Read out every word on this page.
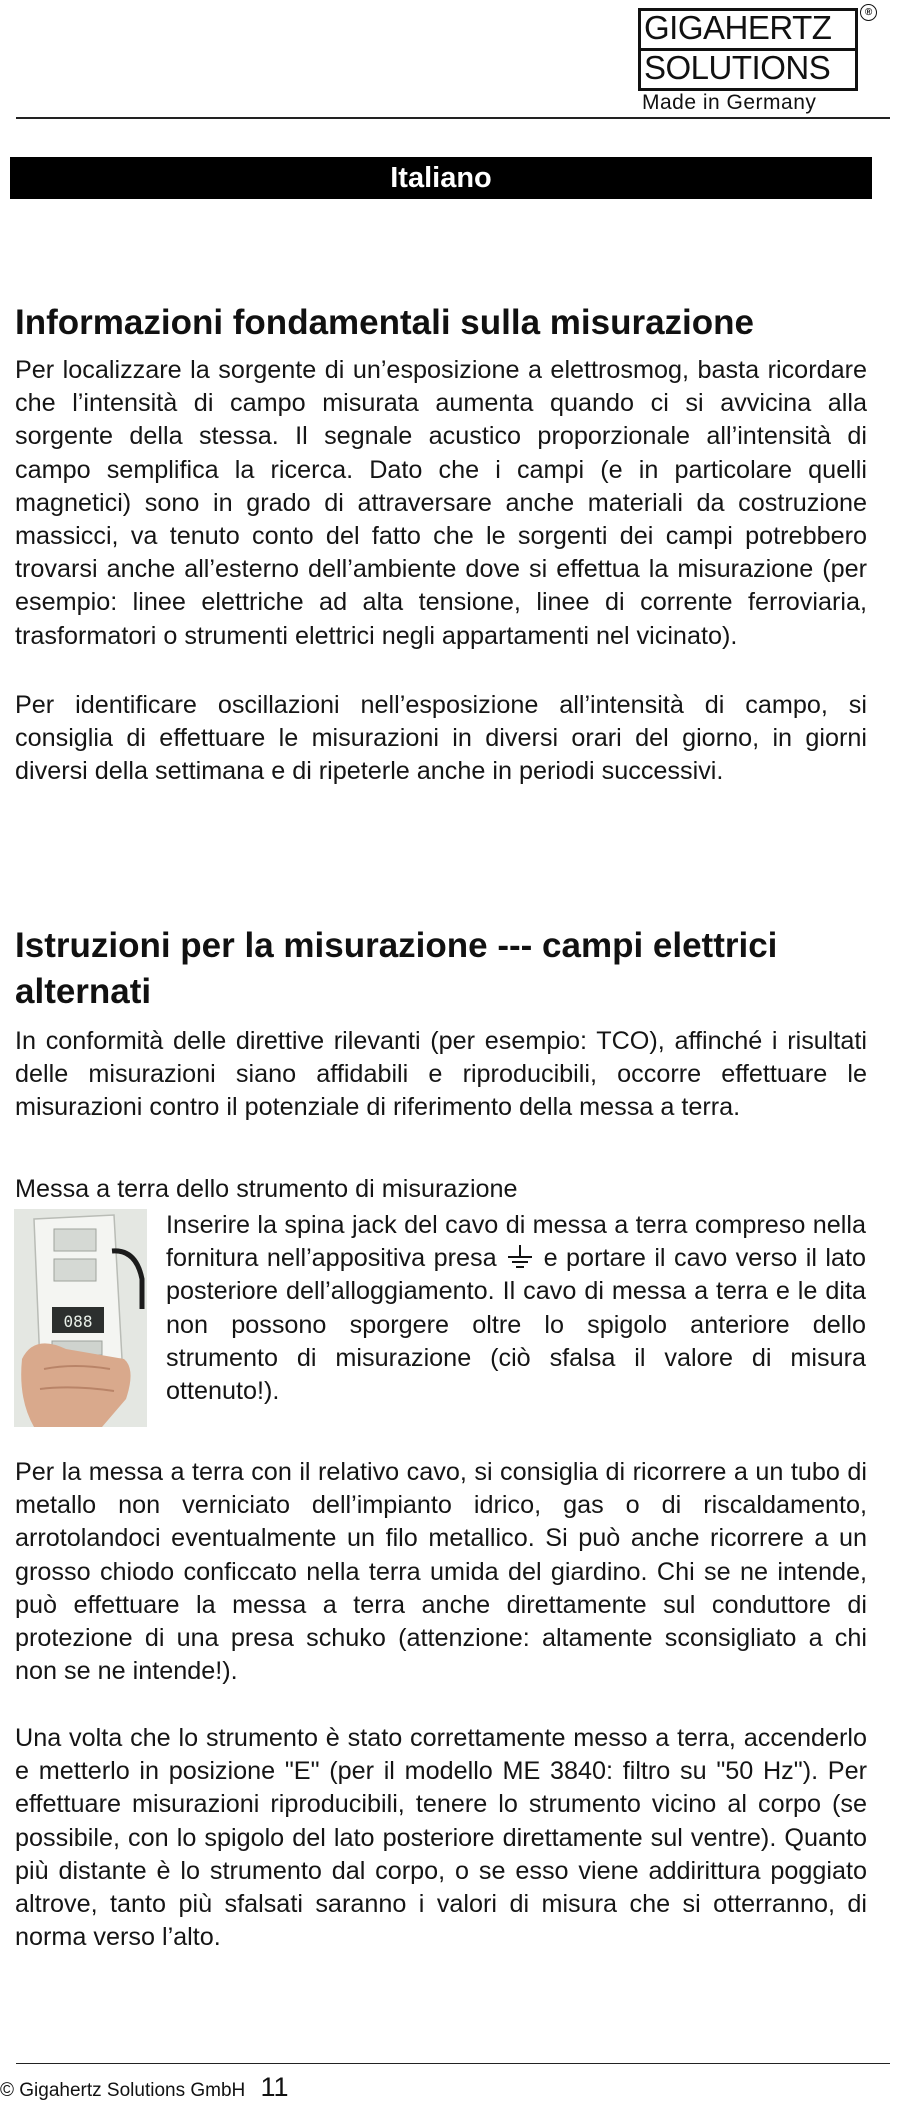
GIGAHERTZ
SOLUTIONS
®
Made in Germany
Italiano
Informazioni fondamentali sulla misurazione

Per localizzare la sorgente di un’esposizione a elettrosmog, basta ricordare che l’intensità di campo misurata aumenta quando ci si avvicina alla sorgente della stessa. Il segnale acustico proporzionale all’intensità di campo semplifica la ricerca. Dato che i campi (e in particolare quelli magnetici) sono in grado di attraversare anche materiali da costruzione massicci, va tenuto conto del fatto che le sorgenti dei campi potrebbero trovarsi anche all’esterno dell’ambiente dove si effettua la misurazione (per esempio: linee elettriche ad alta tensione, linee di corrente ferroviaria, trasformatori o strumenti elettrici negli appartamenti nel vicinato).

Per identificare oscillazioni nell’esposizione all’intensità di campo, si consiglia di effettuare le misurazioni in diversi orari del giorno, in giorni diversi della settimana e di ripeterle anche in periodi successivi.

Istruzioni per la misurazione --- campi elettrici alternati

In conformità delle direttive rilevanti (per esempio: TCO), affinché i risultati delle misurazioni siano affidabili e riproducibili, occorre effettuare le misurazioni contro il potenziale di riferimento della messa a terra.

Messa a terra dello strumento di misurazione
088

Inserire la spina jack del cavo di messa a terra compreso nella fornitura nell’appositiva presa e portare il cavo verso il lato posteriore dell’alloggiamento. Il cavo di messa a terra e le dita non possono sporgere oltre lo spigolo anteriore dello strumento di misurazione (ciò sfalsa il valore di misura ottenuto!).

Per la messa a terra con il relativo cavo, si consiglia di ricorrere a un tubo di metallo non verniciato dell’impianto idrico, gas o di riscaldamento, arrotolandoci eventualmente un filo metallico. Si può anche ricorrere a un grosso chiodo conficcato nella terra umida del giardino. Chi se ne intende, può effettuare la messa a terra anche direttamente sul conduttore di protezione di una presa schuko (attenzione: altamente sconsigliato a chi non se ne intende!).

Una volta che lo strumento è stato correttamente messo a terra, accenderlo e metterlo in posizione "E" (per il modello ME 3840: filtro su "50 Hz"). Per effettuare misurazioni riproducibili, tenere lo strumento vicino al corpo (se possibile, con lo spigolo del lato posteriore direttamente sul ventre). Quanto più distante è lo strumento dal corpo, o se esso viene addirittura poggiato altrove, tanto più sfalsati saranno i valori di misura che si otterranno, di norma verso l’alto.

© Gigahertz Solutions GmbH 11
